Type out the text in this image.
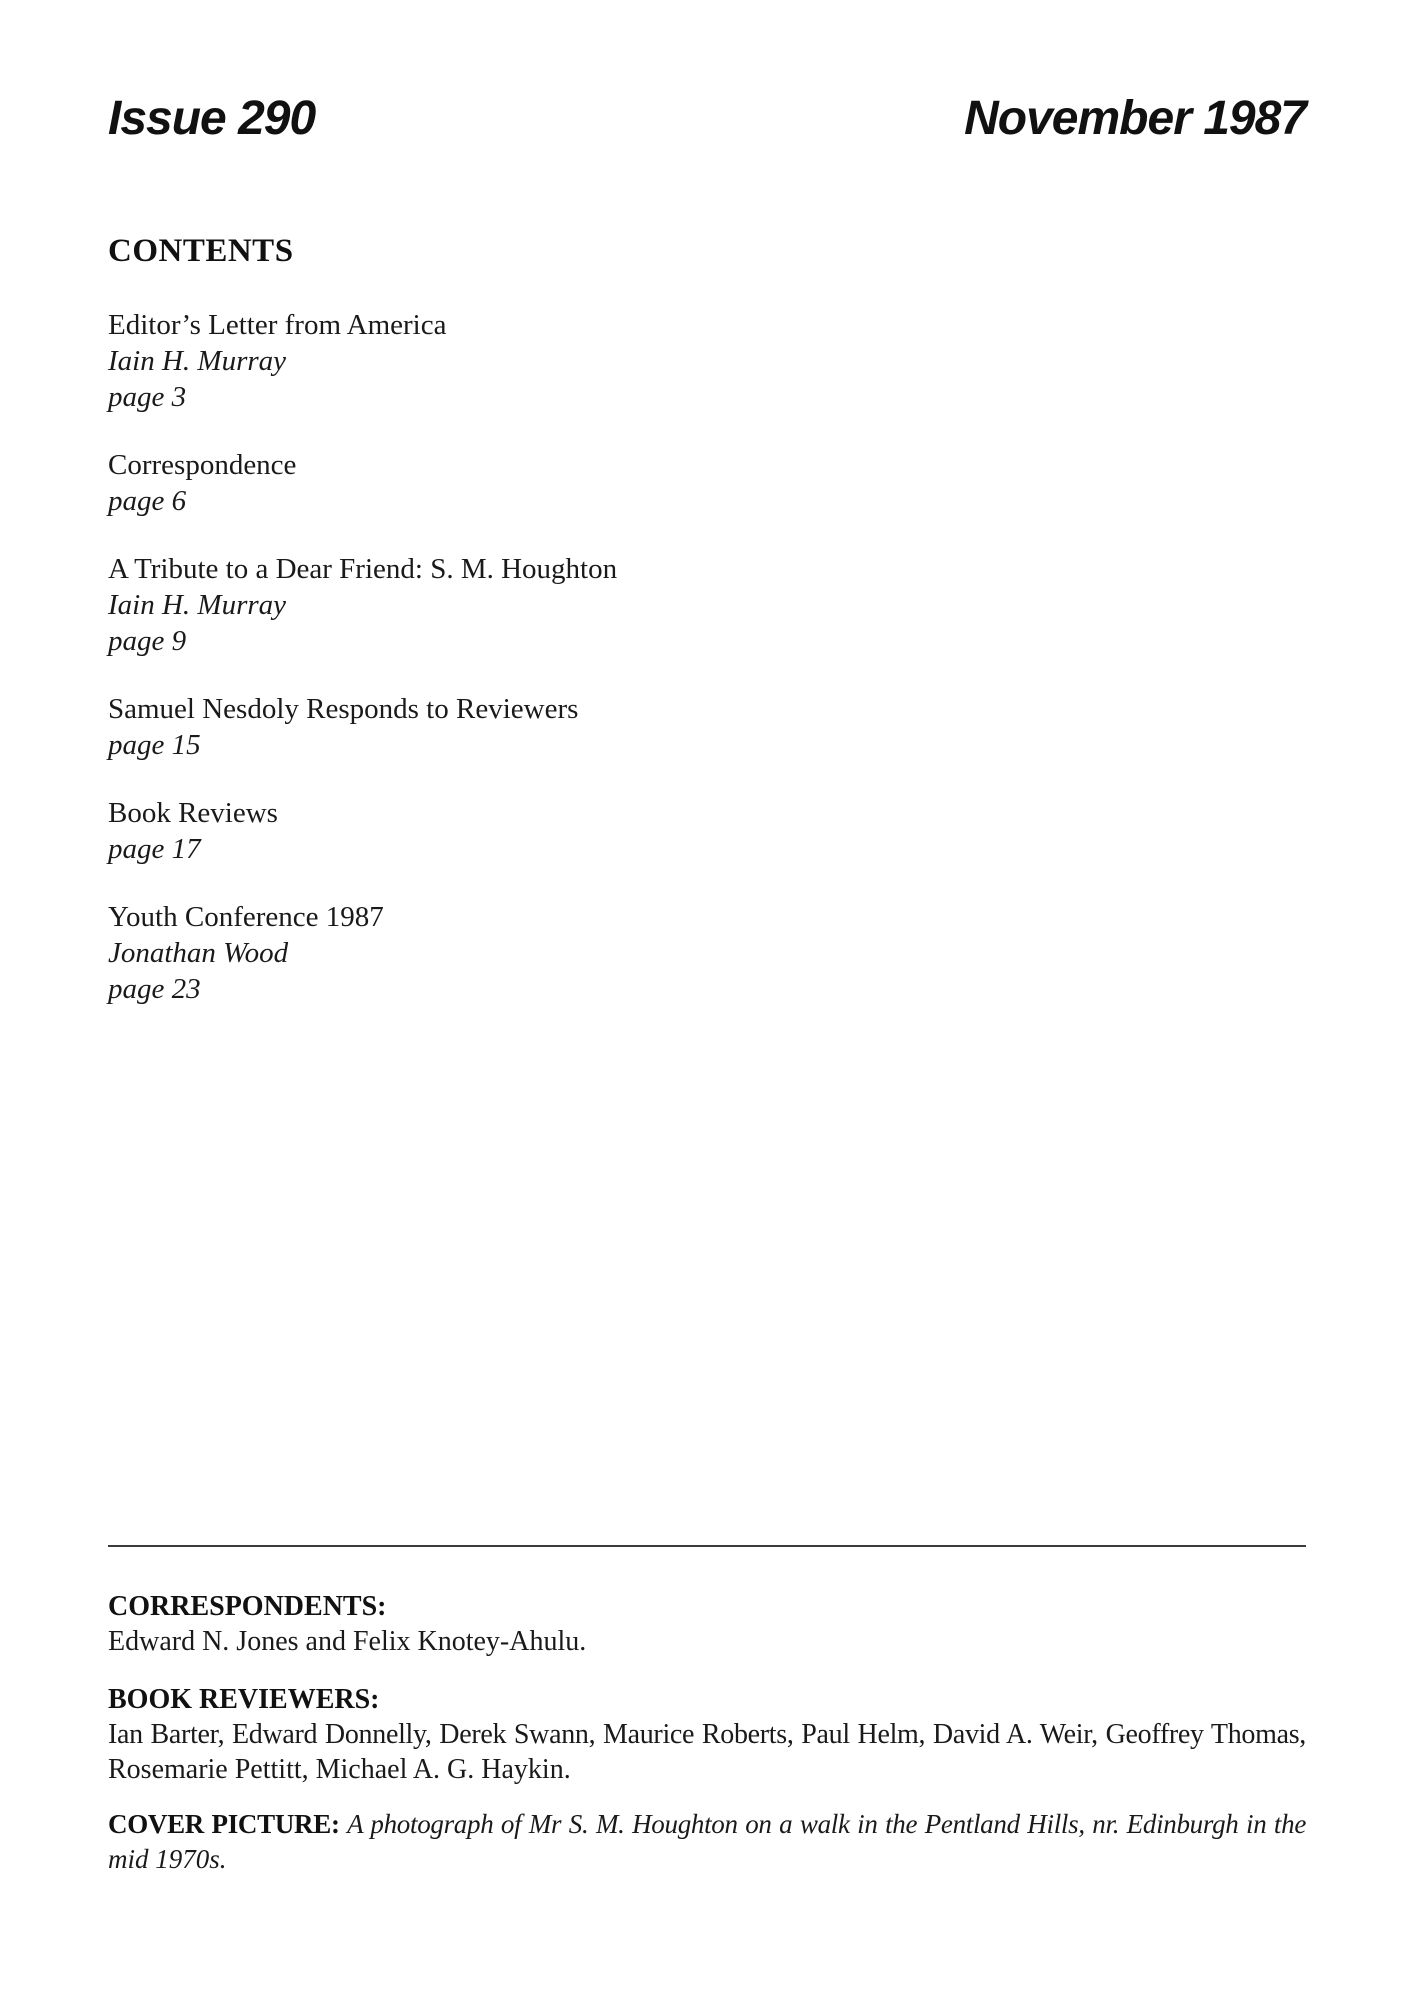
Issue 290	November 1987
CONTENTS
Editor’s Letter from America
Iain H. Murray
page 3
Correspondence
page 6
A Tribute to a Dear Friend: S. M. Houghton
Iain H. Murray
page 9
Samuel Nesdoly Responds to Reviewers
page 15
Book Reviews
page 17
Youth Conference 1987
Jonathan Wood
page 23
CORRESPONDENTS:
Edward N. Jones and Felix Knotey-Ahulu.
BOOK REVIEWERS:
Ian Barter, Edward Donnelly, Derek Swann, Maurice Roberts, Paul Helm, David A. Weir, Geoffrey Thomas,
Rosemarie Pettitt, Michael A. G. Haykin.
COVER PICTURE: A photograph of Mr S. M. Houghton on a walk in the Pentland Hills, nr. Edinburgh in the
mid 1970s.
